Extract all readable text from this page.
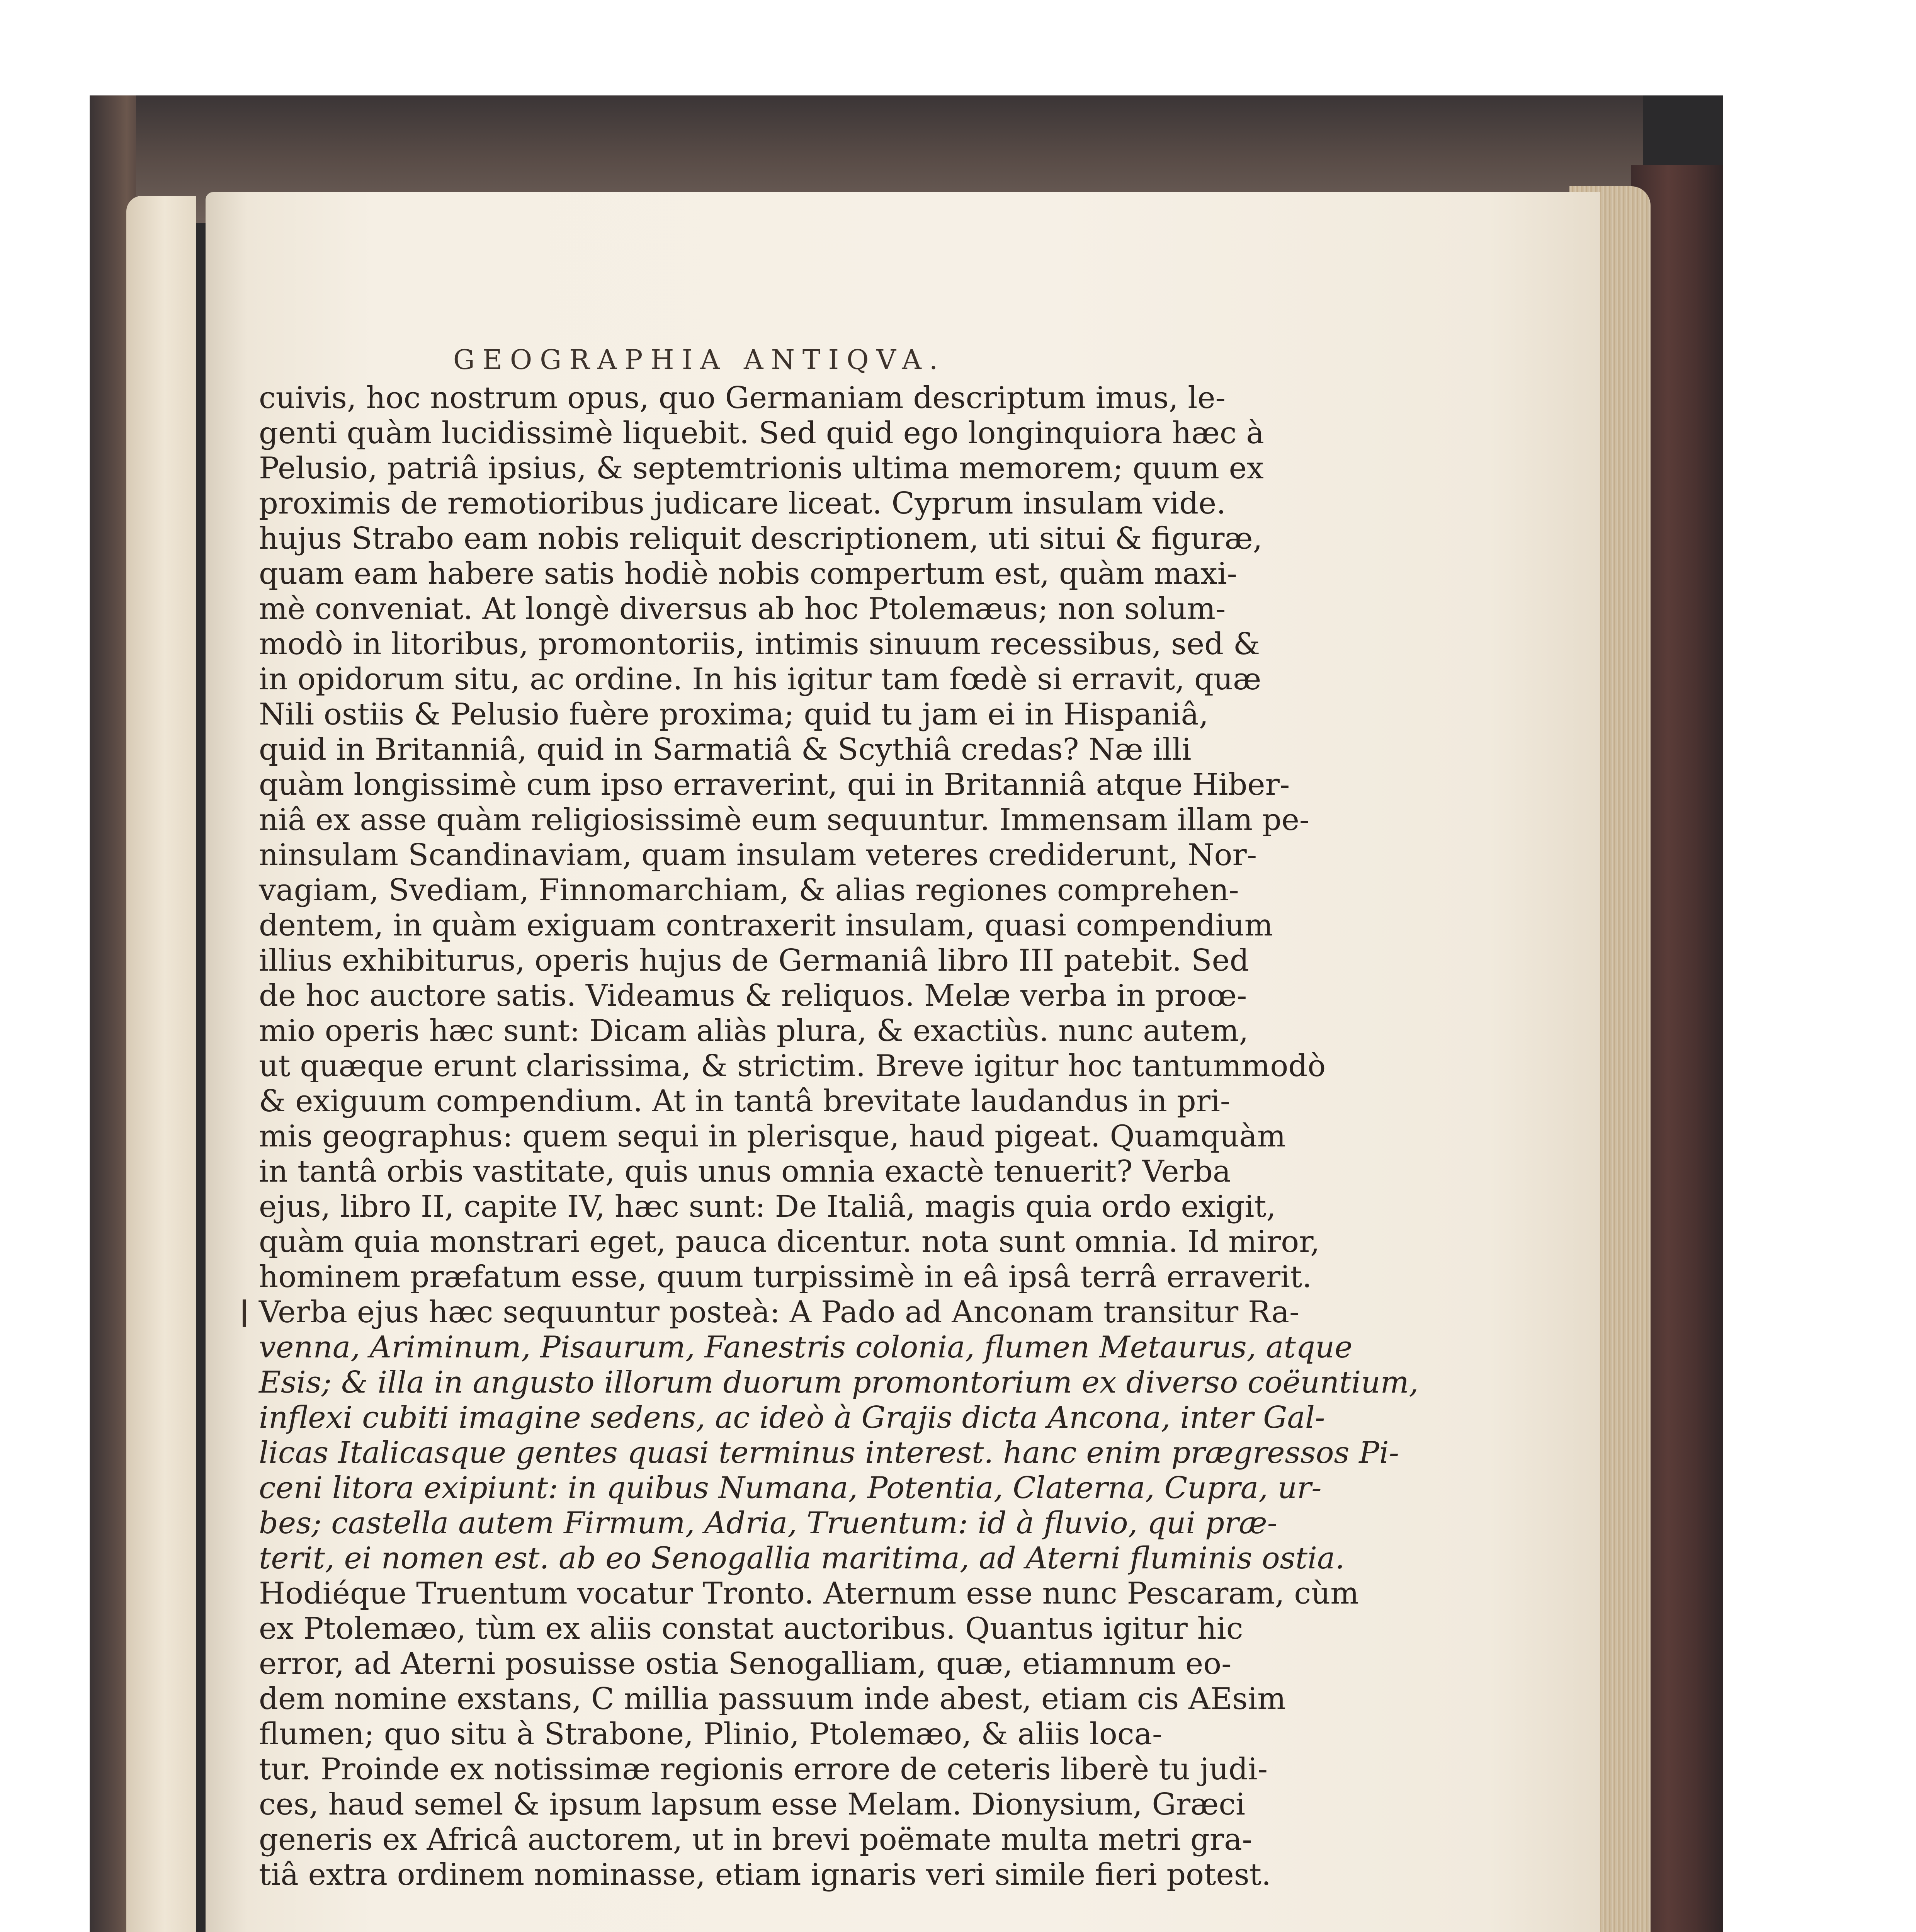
GEOGRAPHIA ANTIQVA.
cuivis, hoc nostrum opus, quo Germaniam descriptum imus, le-
genti quàm lucidissimè liquebit. Sed quid ego longinquiora hæc à
Pelusio, patriâ ipsius, & septemtrionis ultima memorem; quum ex
proximis de remotioribus judicare liceat. Cyprum insulam vide.
hujus Strabo eam nobis reliquit descriptionem, uti situi & figuræ,
quam eam habere satis hodiè nobis compertum est, quàm maxi-
mè conveniat. At longè diversus ab hoc Ptolemæus; non solum-
modò in litoribus, promontoriis, intimis sinuum recessibus, sed &
in opidorum situ, ac ordine. In his igitur tam fœdè si erravit, quæ
Nili ostiis & Pelusio fuère proxima; quid tu jam ei in Hispaniâ,
quid in Britanniâ, quid in Sarmatiâ & Scythiâ credas? Næ illi
quàm longissimè cum ipso erraverint, qui in Britanniâ atque Hiber-
niâ ex asse quàm religiosissimè eum sequuntur. Immensam illam pe-
ninsulam Scandinaviam, quam insulam veteres crediderunt, Nor-
vagiam, Svediam, Finnomarchiam, & alias regiones comprehen-
dentem, in quàm exiguam contraxerit insulam, quasi compendium
illius exhibiturus, operis hujus de Germaniâ libro III patebit. Sed
de hoc auctore satis. Videamus & reliquos. Melæ verba in proœ-
mio operis hæc sunt: Dicam aliàs plura, & exactiùs. nunc autem,
ut quæque erunt clarissima, & strictim. Breve igitur hoc tantummodò
& exiguum compendium. At in tantâ brevitate laudandus in pri-
mis geographus: quem sequi in plerisque, haud pigeat. Quamquàm
in tantâ orbis vastitate, quis unus omnia exactè tenuerit? Verba
ejus, libro II, capite IV, hæc sunt: De Italiâ, magis quia ordo exigit,
quàm quia monstrari eget, pauca dicentur. nota sunt omnia. Id miror,
hominem præfatum esse, quum turpissimè in eâ ipsâ terrâ erraverit.
Verba ejus hæc sequuntur posteà: A Pado ad Anconam transitur Ra-
venna, Ariminum, Pisaurum, Fanestris colonia, flumen Metaurus, atque
Esis; & illa in angusto illorum duorum promontorium ex diverso coëuntium,
inflexi cubiti imagine sedens, ac ideò à Grajis dicta Ancona, inter Gal-
licas Italicasque gentes quasi terminus interest. hanc enim prægressos Pi-
ceni litora exipiunt: in quibus Numana, Potentia, Claterna, Cupra, ur-
bes; castella autem Firmum, Adria, Truentum: id à fluvio, qui præ-
terit, ei nomen est. ab eo Senogallia maritima, ad Aterni fluminis ostia.
Hodiéque Truentum vocatur Tronto. Aternum esse nunc Pescaram, cùm
ex Ptolemæo, tùm ex aliis constat auctoribus. Quantus igitur hic
error, ad Aterni posuisse ostia Senogalliam, quæ, etiamnum eo-
dem nomine exstans, C millia passuum inde abest, etiam cis AEsim
flumen; quo situ à Strabone, Plinio, Ptolemæo, & aliis loca-
tur. Proinde ex notissimæ regionis errore de ceteris liberè tu judi-
ces, haud semel & ipsum lapsum esse Melam. Dionysium, Græci
generis ex Africâ auctorem, ut in brevi poëmate multa metri gra-
tiâ extra ordinem nominasse, etiam ignaris veri simile fieri potest.
